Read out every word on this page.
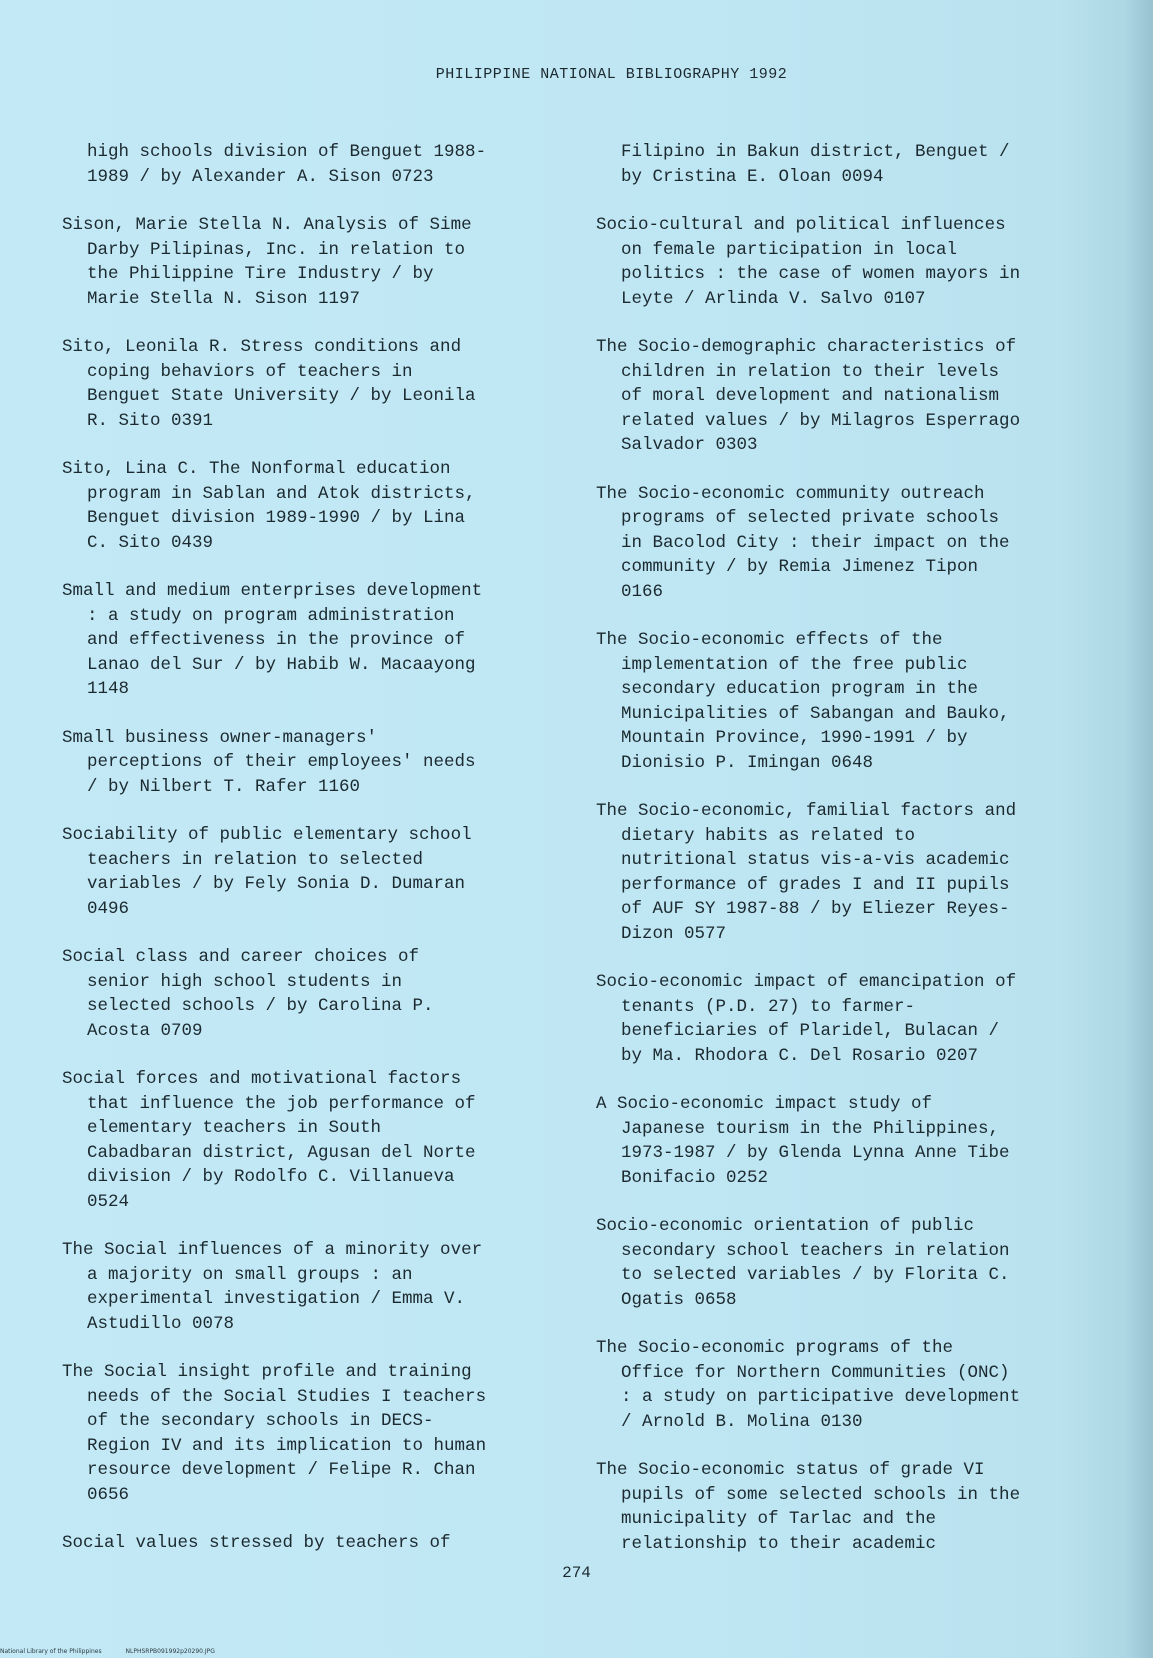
PHILIPPINE NATIONAL BIBLIOGRAPHY 1992
high schools division of Benguet 1988-
1989 / by Alexander A. Sison 0723
Sison, Marie Stella N. Analysis of Sime
Darby Pilipinas, Inc. in relation to
the Philippine Tire Industry / by
Marie Stella N. Sison 1197
Sito, Leonila R. Stress conditions and
coping behaviors of teachers in
Benguet State University / by Leonila
R. Sito 0391
Sito, Lina C. The Nonformal education
program in Sablan and Atok districts,
Benguet division 1989-1990 / by Lina
C. Sito 0439
Small and medium enterprises development
: a study on program administration
and effectiveness in the province of
Lanao del Sur / by Habib W. Macaayong
1148
Small business owner-managers'
perceptions of their employees' needs
/ by Nilbert T. Rafer 1160
Sociability of public elementary school
teachers in relation to selected
variables / by Fely Sonia D. Dumaran
0496
Social class and career choices of
senior high school students in
selected schools / by Carolina P.
Acosta 0709
Social forces and motivational factors
that influence the job performance of
elementary teachers in South
Cabadbaran district, Agusan del Norte
division / by Rodolfo C. Villanueva
0524
The Social influences of a minority over
a majority on small groups : an
experimental investigation / Emma V.
Astudillo 0078
The Social insight profile and training
needs of the Social Studies I teachers
of the secondary schools in DECS-
Region IV and its implication to human
resource development / Felipe R. Chan
0656
Social values stressed by teachers of
Filipino in Bakun district, Benguet /
by Cristina E. Oloan 0094
Socio-cultural and political influences
on female participation in local
politics : the case of women mayors in
Leyte / Arlinda V. Salvo 0107
The Socio-demographic characteristics of
children in relation to their levels
of moral development and nationalism
related values / by Milagros Esperrago
Salvador 0303
The Socio-economic community outreach
programs of selected private schools
in Bacolod City : their impact on the
community / by Remia Jimenez Tipon
0166
The Socio-economic effects of the
implementation of the free public
secondary education program in the
Municipalities of Sabangan and Bauko,
Mountain Province, 1990-1991 / by
Dionisio P. Imingan 0648
The Socio-economic, familial factors and
dietary habits as related to
nutritional status vis-a-vis academic
performance of grades I and II pupils
of AUF SY 1987-88 / by Eliezer Reyes-
Dizon 0577
Socio-economic impact of emancipation of
tenants (P.D. 27) to farmer-
beneficiaries of Plaridel, Bulacan /
by Ma. Rhodora C. Del Rosario 0207
A Socio-economic impact study of
Japanese tourism in the Philippines,
1973-1987 / by Glenda Lynna Anne Tibe
Bonifacio 0252
Socio-economic orientation of public
secondary school teachers in relation
to selected variables / by Florita C.
Ogatis 0658
The Socio-economic programs of the
Office for Northern Communities (ONC)
: a study on participative development
/ Arnold B. Molina 0130
The Socio-economic status of grade VI
pupils of some selected schools in the
municipality of Tarlac and the
relationship to their academic
274
National Library of the Philippines	NLPHSRPB091992p20290.JPG
